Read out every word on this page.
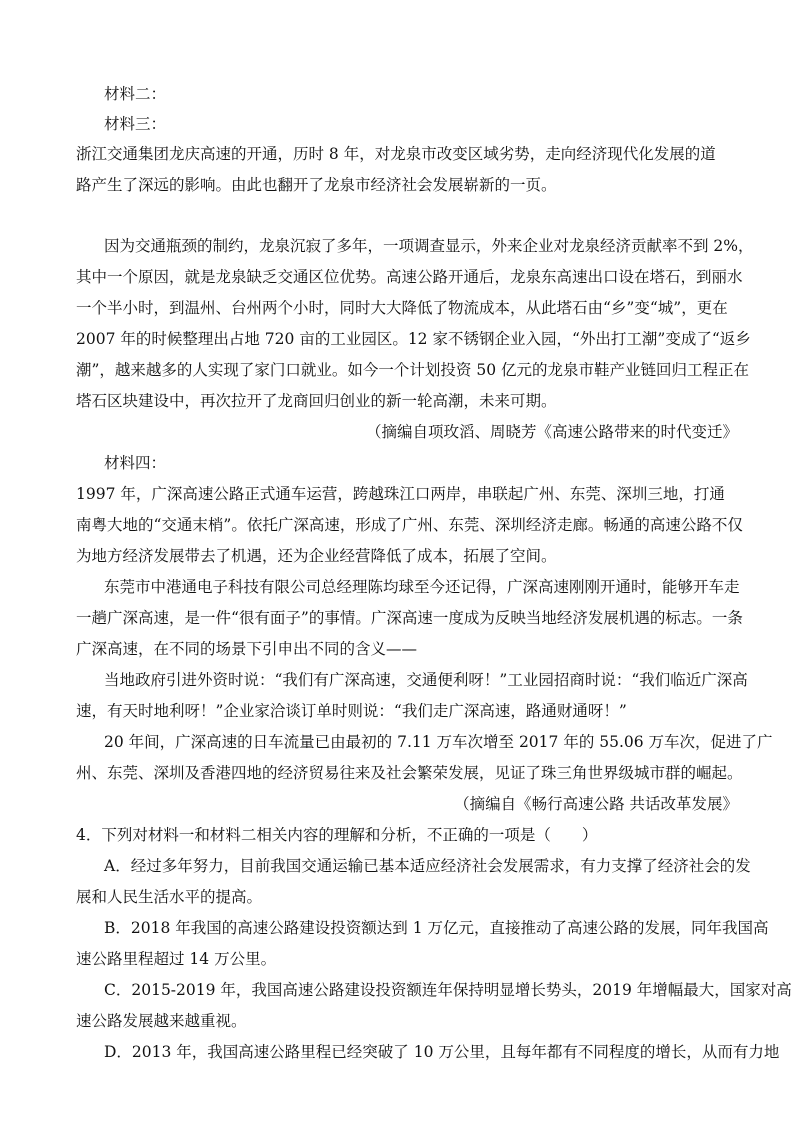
材料二：
材料三：
浙江交通集团龙庆高速的开通，历时 8 年，对龙泉市改变区域劣势，走向经济现代化发展的道
路产生了深远的影响。由此也翻开了龙泉市经济社会发展崭新的一页。
因为交通瓶颈的制约，龙泉沉寂了多年，一项调查显示，外来企业对龙泉经济贡献率不到 2%，
其中一个原因，就是龙泉缺乏交通区位优势。高速公路开通后，龙泉东高速出口设在塔石，到丽水
一个半小时，到温州、台州两个小时，同时大大降低了物流成本，从此塔石由“乡”变“城”，更在
2007 年的时候整理出占地 720 亩的工业园区。12 家不锈钢企业入园，“外出打工潮”变成了“返乡
潮”，越来越多的人实现了家门口就业。如今一个计划投资 50 亿元的龙泉市鞋产业链回归工程正在
塔石区块建设中，再次拉开了龙商回归创业的新一轮高潮，未来可期。
（摘编自项玫滔、周晓芳《高速公路带来的时代变迁》
材料四：
1997 年，广深高速公路正式通车运营，跨越珠江口两岸，串联起广州、东莞、深圳三地，打通
南粤大地的“交通末梢”。依托广深高速，形成了广州、东莞、深圳经济走廊。畅通的高速公路不仅
为地方经济发展带去了机遇，还为企业经营降低了成本，拓展了空间。
东莞市中港通电子科技有限公司总经理陈均球至今还记得，广深高速刚刚开通时，能够开车走
一趟广深高速，是一件“很有面子”的事情。广深高速一度成为反映当地经济发展机遇的标志。一条
广深高速，在不同的场景下引申出不同的含义——
当地政府引进外资时说：“我们有广深高速，交通便利呀！”工业园招商时说：“我们临近广深高
速，有天时地利呀！”企业家洽谈订单时则说：“我们走广深高速，路通财通呀！”
20 年间，广深高速的日车流量已由最初的 7.11 万车次增至 2017 年的 55.06 万车次，促进了广
州、东莞、深圳及香港四地的经济贸易往来及社会繁荣发展，见证了珠三角世界级城市群的崛起。
（摘编自《畅行高速公路 共话改革发展》
4．下列对材料一和材料二相关内容的理解和分析，不正确的一项是（　　）
A．经过多年努力，目前我国交通运输已基本适应经济社会发展需求，有力支撑了经济社会的发
展和人民生活水平的提高。
B．2018 年我国的高速公路建设投资额达到 1 万亿元，直接推动了高速公路的发展，同年我国高
速公路里程超过 14 万公里。
C．2015-2019 年，我国高速公路建设投资额连年保持明显增长势头，2019 年增幅最大，国家对高
速公路发展越来越重视。
D．2013 年，我国高速公路里程已经突破了 10 万公里，且每年都有不同程度的增长，从而有力地
